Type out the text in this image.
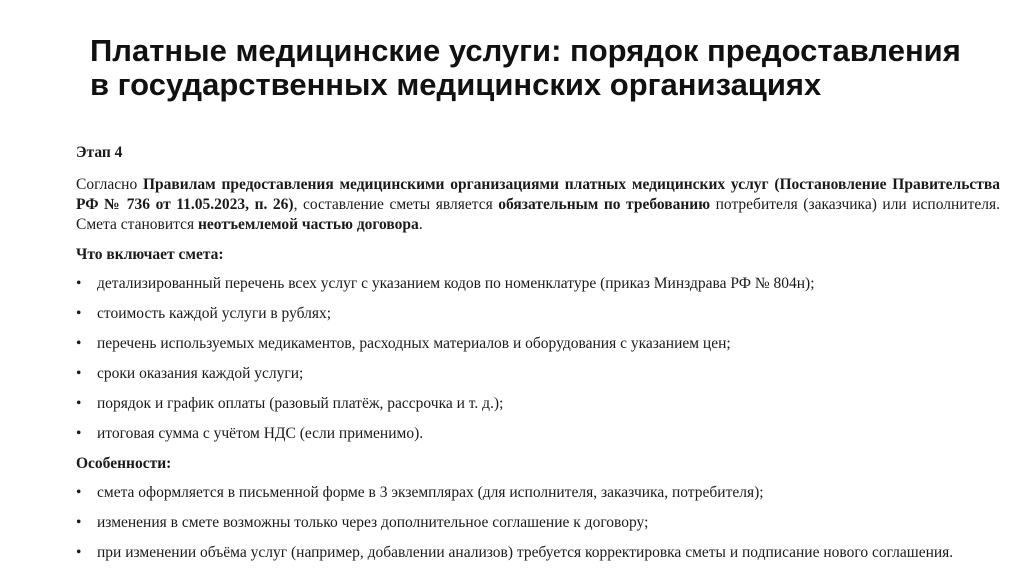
Платные медицинские услуги: порядок предоставления в государственных медицинских организациях
Этап 4
Согласно Правилам предоставления медицинскими организациями платных медицинских услуг (Постановление Правительства РФ № 736 от 11.05.2023, п. 26), составление сметы является обязательным по требованию потребителя (заказчика) или исполнителя. Смета становится неотъемлемой частью договора.
Что включает смета:
• детализированный перечень всех услуг с указанием кодов по номенклатуре (приказ Минздрава РФ № 804н);
• стоимость каждой услуги в рублях;
• перечень используемых медикаментов, расходных материалов и оборудования с указанием цен;
• сроки оказания каждой услуги;
• порядок и график оплаты (разовый платёж, рассрочка и т. д.);
• итоговая сумма с учётом НДС (если применимо).
Особенности:
• смета оформляется в письменной форме в 3 экземплярах (для исполнителя, заказчика, потребителя);
• изменения в смете возможны только через дополнительное соглашение к договору;
• при изменении объёма услуг (например, добавлении анализов) требуется корректировка сметы и подписание нового соглашения.
